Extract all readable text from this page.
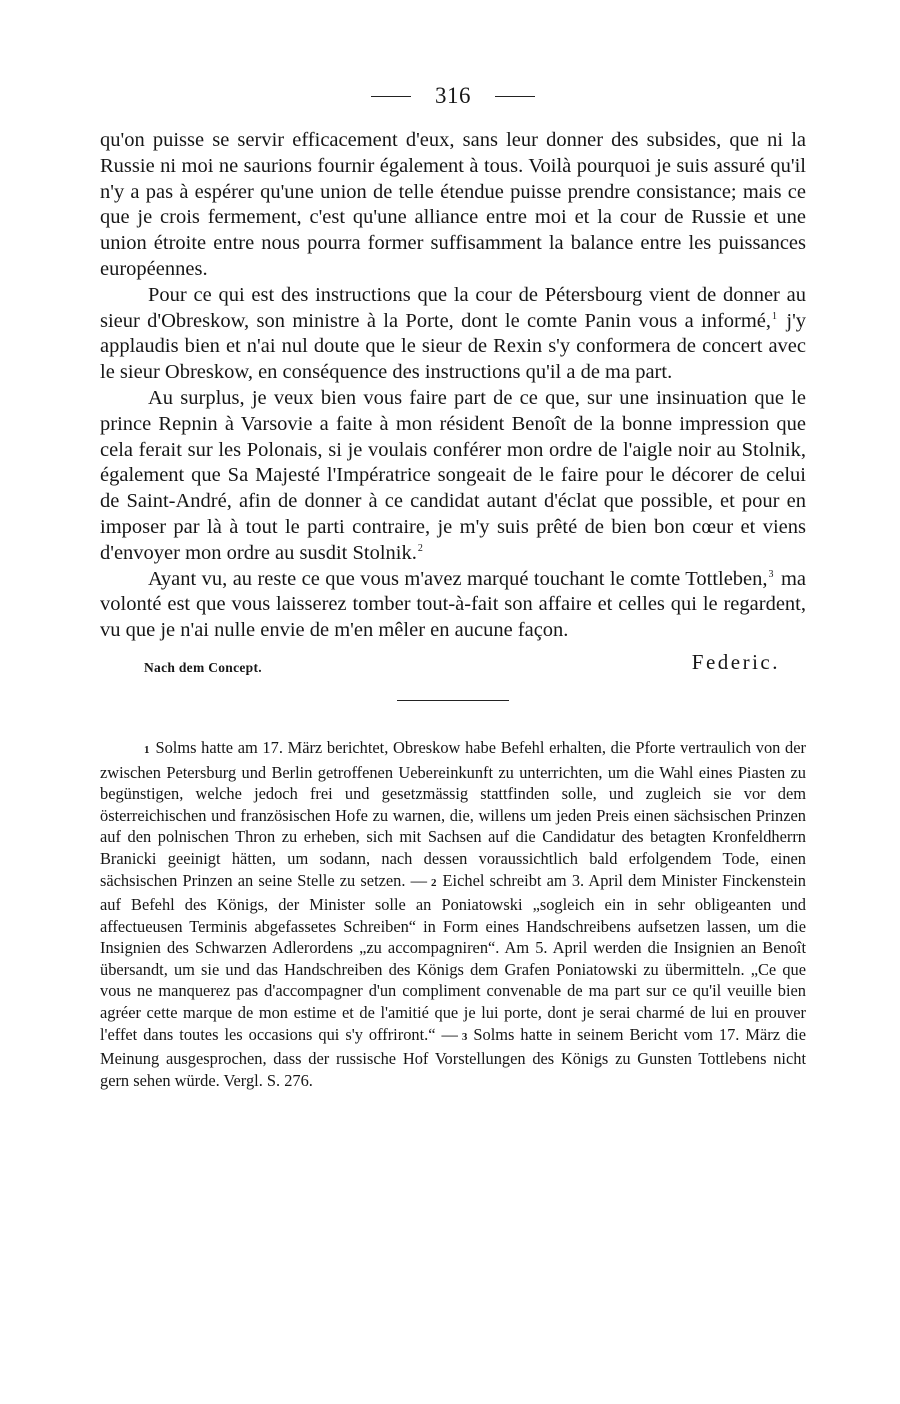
316

qu'on puisse se servir efficacement d'eux, sans leur donner des subsides, que ni la Russie ni moi ne saurions fournir également à tous. Voilà pourquoi je suis assuré qu'il n'y a pas à espérer qu'une union de telle étendue puisse prendre consistance; mais ce que je crois fermement, c'est qu'une alliance entre moi et la cour de Russie et une union étroite entre nous pourra former suffisamment la balance entre les puissances européennes.

Pour ce qui est des instructions que la cour de Pétersbourg vient de donner au sieur d'Obreskow, son ministre à la Porte, dont le comte Panin vous a informé,$^1$ j'y applaudis bien et n'ai nul doute que le sieur de Rexin s'y conformera de concert avec le sieur Obreskow, en conséquence des instructions qu'il a de ma part.

Au surplus, je veux bien vous faire part de ce que, sur une insinuation que le prince Repnin à Varsovie a faite à mon résident Benoît de la bonne impression que cela ferait sur les Polonais, si je voulais conférer mon ordre de l'aigle noir au Stolnik, également que Sa Majesté l'Impératrice songeait de le faire pour le décorer de celui de Saint-André, afin de donner à ce candidat autant d'éclat que possible, et pour en imposer par là à tout le parti contraire, je m'y suis prêté de bien bon cœur et viens d'envoyer mon ordre au susdit Stolnik.$^2$

Ayant vu, au reste ce que vous m'avez marqué touchant le comte Tottleben,$^3$ ma volonté est que vous laisserez tomber tout-à-fait son affaire et celles qui le regardent, vu que je n'ai nulle envie de m'en mêler en aucune façon.

Nach dem Concept.	Federic.

1 Solms hatte am 17. März berichtet, Obreskow habe Befehl erhalten, die Pforte vertraulich von der zwischen Petersburg und Berlin getroffenen Uebereinkunft zu unterrichten, um die Wahl eines Piasten zu begünstigen, welche jedoch frei und gesetzmässig stattfinden solle, und zugleich sie vor dem österreichischen und französischen Hofe zu warnen, die, willens um jeden Preis einen sächsischen Prinzen auf den polnischen Thron zu erheben, sich mit Sachsen auf die Candidatur des betagten Kronfeldherrn Branicki geeinigt hätten, um sodann, nach dessen voraussichtlich bald erfolgendem Tode, einen sächsischen Prinzen an seine Stelle zu setzen. — 2 Eichel schreibt am 3. April dem Minister Finckenstein auf Befehl des Königs, der Minister solle an Poniatowski „sogleich ein in sehr obligeanten und affectueusen Terminis abgefassetes Schreiben“ in Form eines Handschreibens aufsetzen lassen, um die Insignien des Schwarzen Adlerordens „zu accompagniren“. Am 5. April werden die Insignien an Benoît übersandt, um sie und das Handschreiben des Königs dem Grafen Poniatowski zu übermitteln. „Ce que vous ne manquerez pas d'accompagner d'un compliment convenable de ma part sur ce qu'il veuille bien agréer cette marque de mon estime et de l'amitié que je lui porte, dont je serai charmé de lui en prouver l'effet dans toutes les occasions qui s'y offriront.“ — 3 Solms hatte in seinem Bericht vom 17. März die Meinung ausgesprochen, dass der russische Hof Vorstellungen des Königs zu Gunsten Tottlebens nicht gern sehen würde. Vergl. S. 276.
